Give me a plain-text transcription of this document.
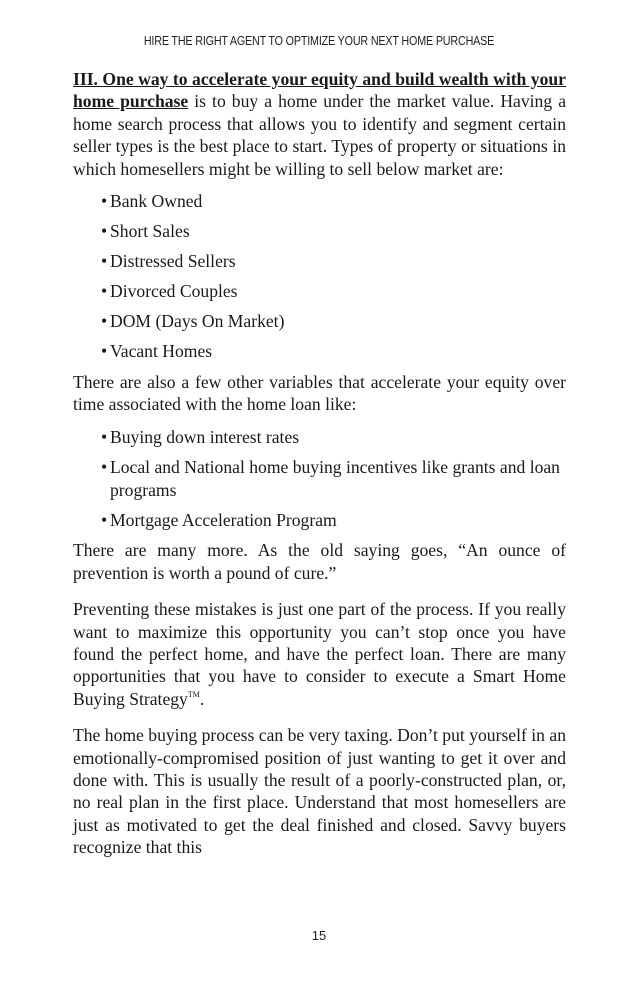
HIRE THE RIGHT AGENT TO OPTIMIZE YOUR NEXT HOME PURCHASE

III. One way to accelerate your equity and build wealth with your home purchase is to buy a home under the market value. Having a home search process that allows you to identify and segment certain seller types is the best place to start. Types of property or situations in which homesellers might be willing to sell below market are:

• Bank Owned
• Short Sales
• Distressed Sellers
• Divorced Couples
• DOM (Days On Market)
• Vacant Homes

There are also a few other variables that accelerate your equity over time associated with the home loan like:

• Buying down interest rates
• Local and National home buying incentives like grants and loan programs
• Mortgage Acceleration Program

There are many more. As the old saying goes, “An ounce of prevention is worth a pound of cure.”

Preventing these mistakes is just one part of the process. If you really want to maximize this opportunity you can’t stop once you have found the perfect home, and have the perfect loan. There are many opportunities that you have to consider to execute a Smart Home Buying Strategy™.

The home buying process can be very taxing. Don’t put yourself in an emotionally-compromised position of just wanting to get it over and done with. This is usually the result of a poorly-constructed plan, or, no real plan in the first place. Understand that most homesellers are just as motivated to get the deal finished and closed. Savvy buyers recognize that this

15
